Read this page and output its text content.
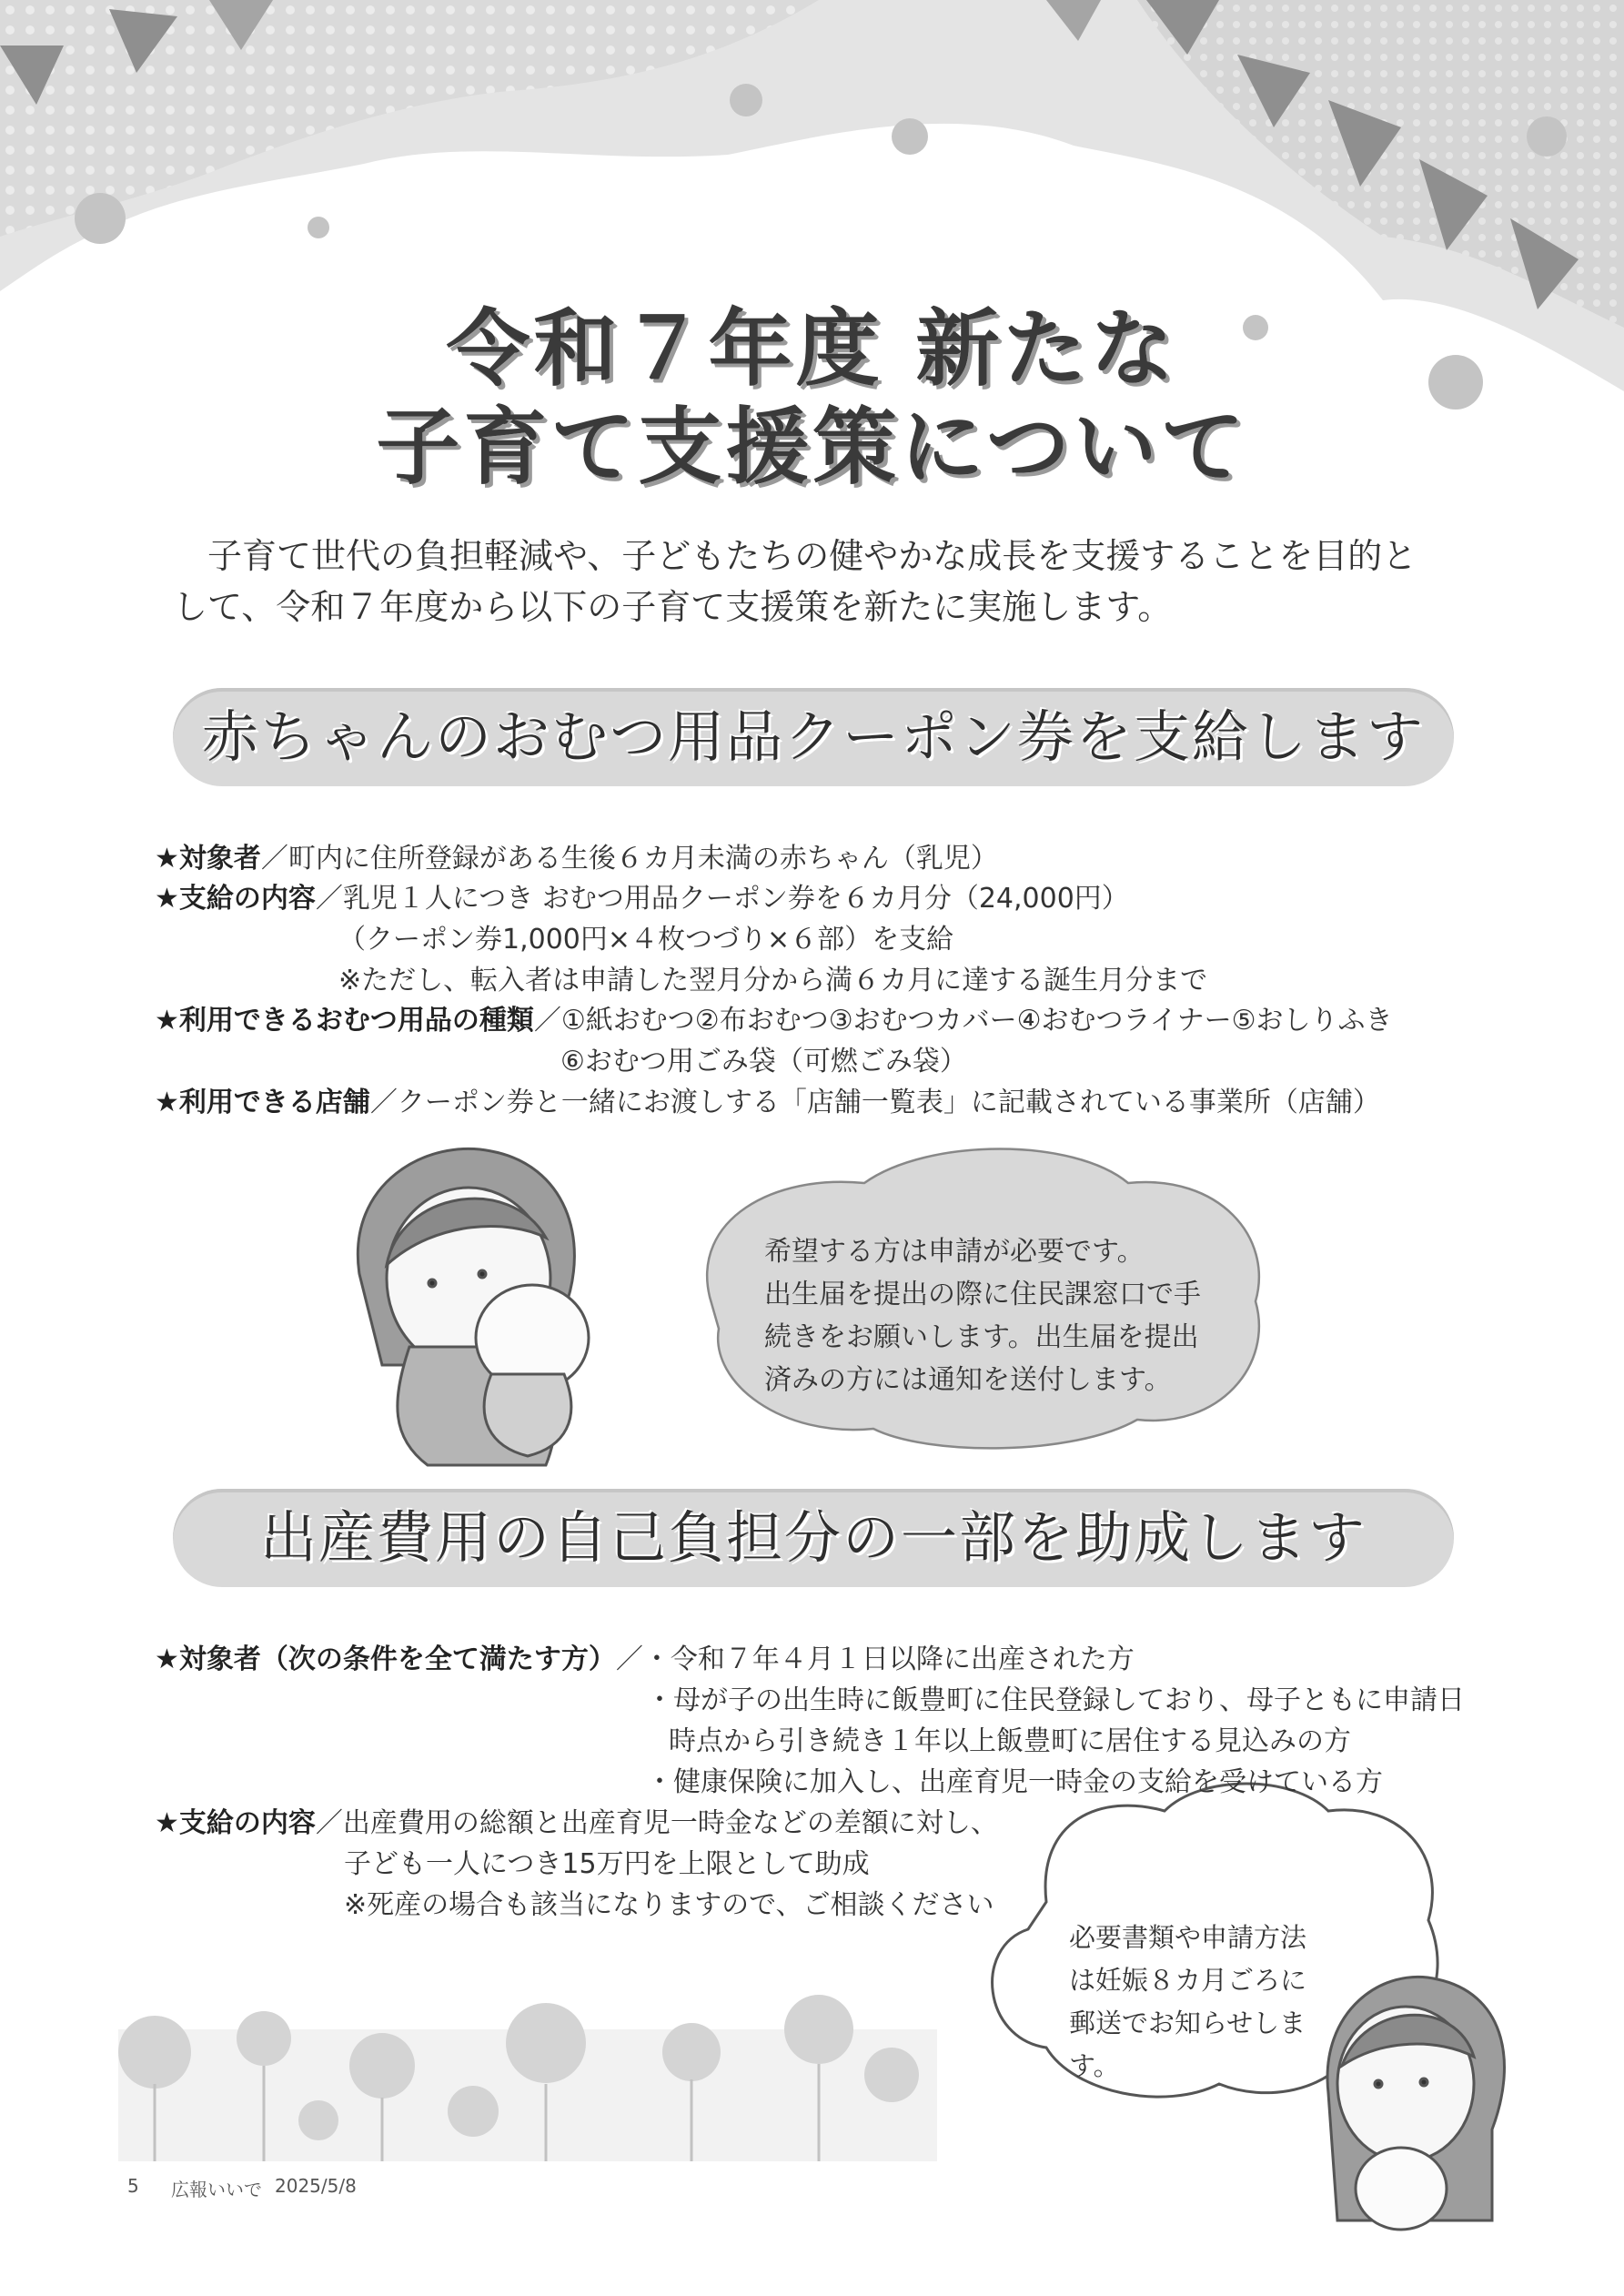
令和７年度 新たな
子育て支援策について
　子育て世代の負担軽減や、子どもたちの健やかな成長を支援することを目的と
して、令和７年度から以下の子育て支援策を新たに実施します。
赤ちゃんのおむつ用品クーポン券を支給します
★対象者／町内に住所登録がある生後６カ月未満の赤ちゃん（乳児）
★支給の内容／乳児１人につき おむつ用品クーポン券を６カ月分（24,000円）
（クーポン券1,000円×４枚つづり×６部）を支給
※ただし、転入者は申請した翌月分から満６カ月に達する誕生月分まで
★利用できるおむつ用品の種類／①紙おむつ②布おむつ③おむつカバー④おむつライナー⑤おしりふき
⑥おむつ用ごみ袋（可燃ごみ袋）
★利用できる店舗／クーポン券と一緒にお渡しする「店舗一覧表」に記載されている事業所（店舗）
希望する方は申請が必要です。
出生届を提出の際に住民課窓口で手
続きをお願いします。出生届を提出
済みの方には通知を送付します。
出産費用の自己負担分の一部を助成します
★対象者（次の条件を全て満たす方）／・令和７年４月１日以降に出産された方
・母が子の出生時に飯豊町に住民登録しており、母子ともに申請日
時点から引き続き１年以上飯豊町に居住する見込みの方
・健康保険に加入し、出産育児一時金の支給を受けている方
★支給の内容／出産費用の総額と出産育児一時金などの差額に対し、
子ども一人につき15万円を上限として助成
※死産の場合も該当になりますので、ご相談ください
必要書類や申請方法
は妊娠８カ月ごろに
郵送でお知らせしま
す。
5 広報いいで 2025/5/8
